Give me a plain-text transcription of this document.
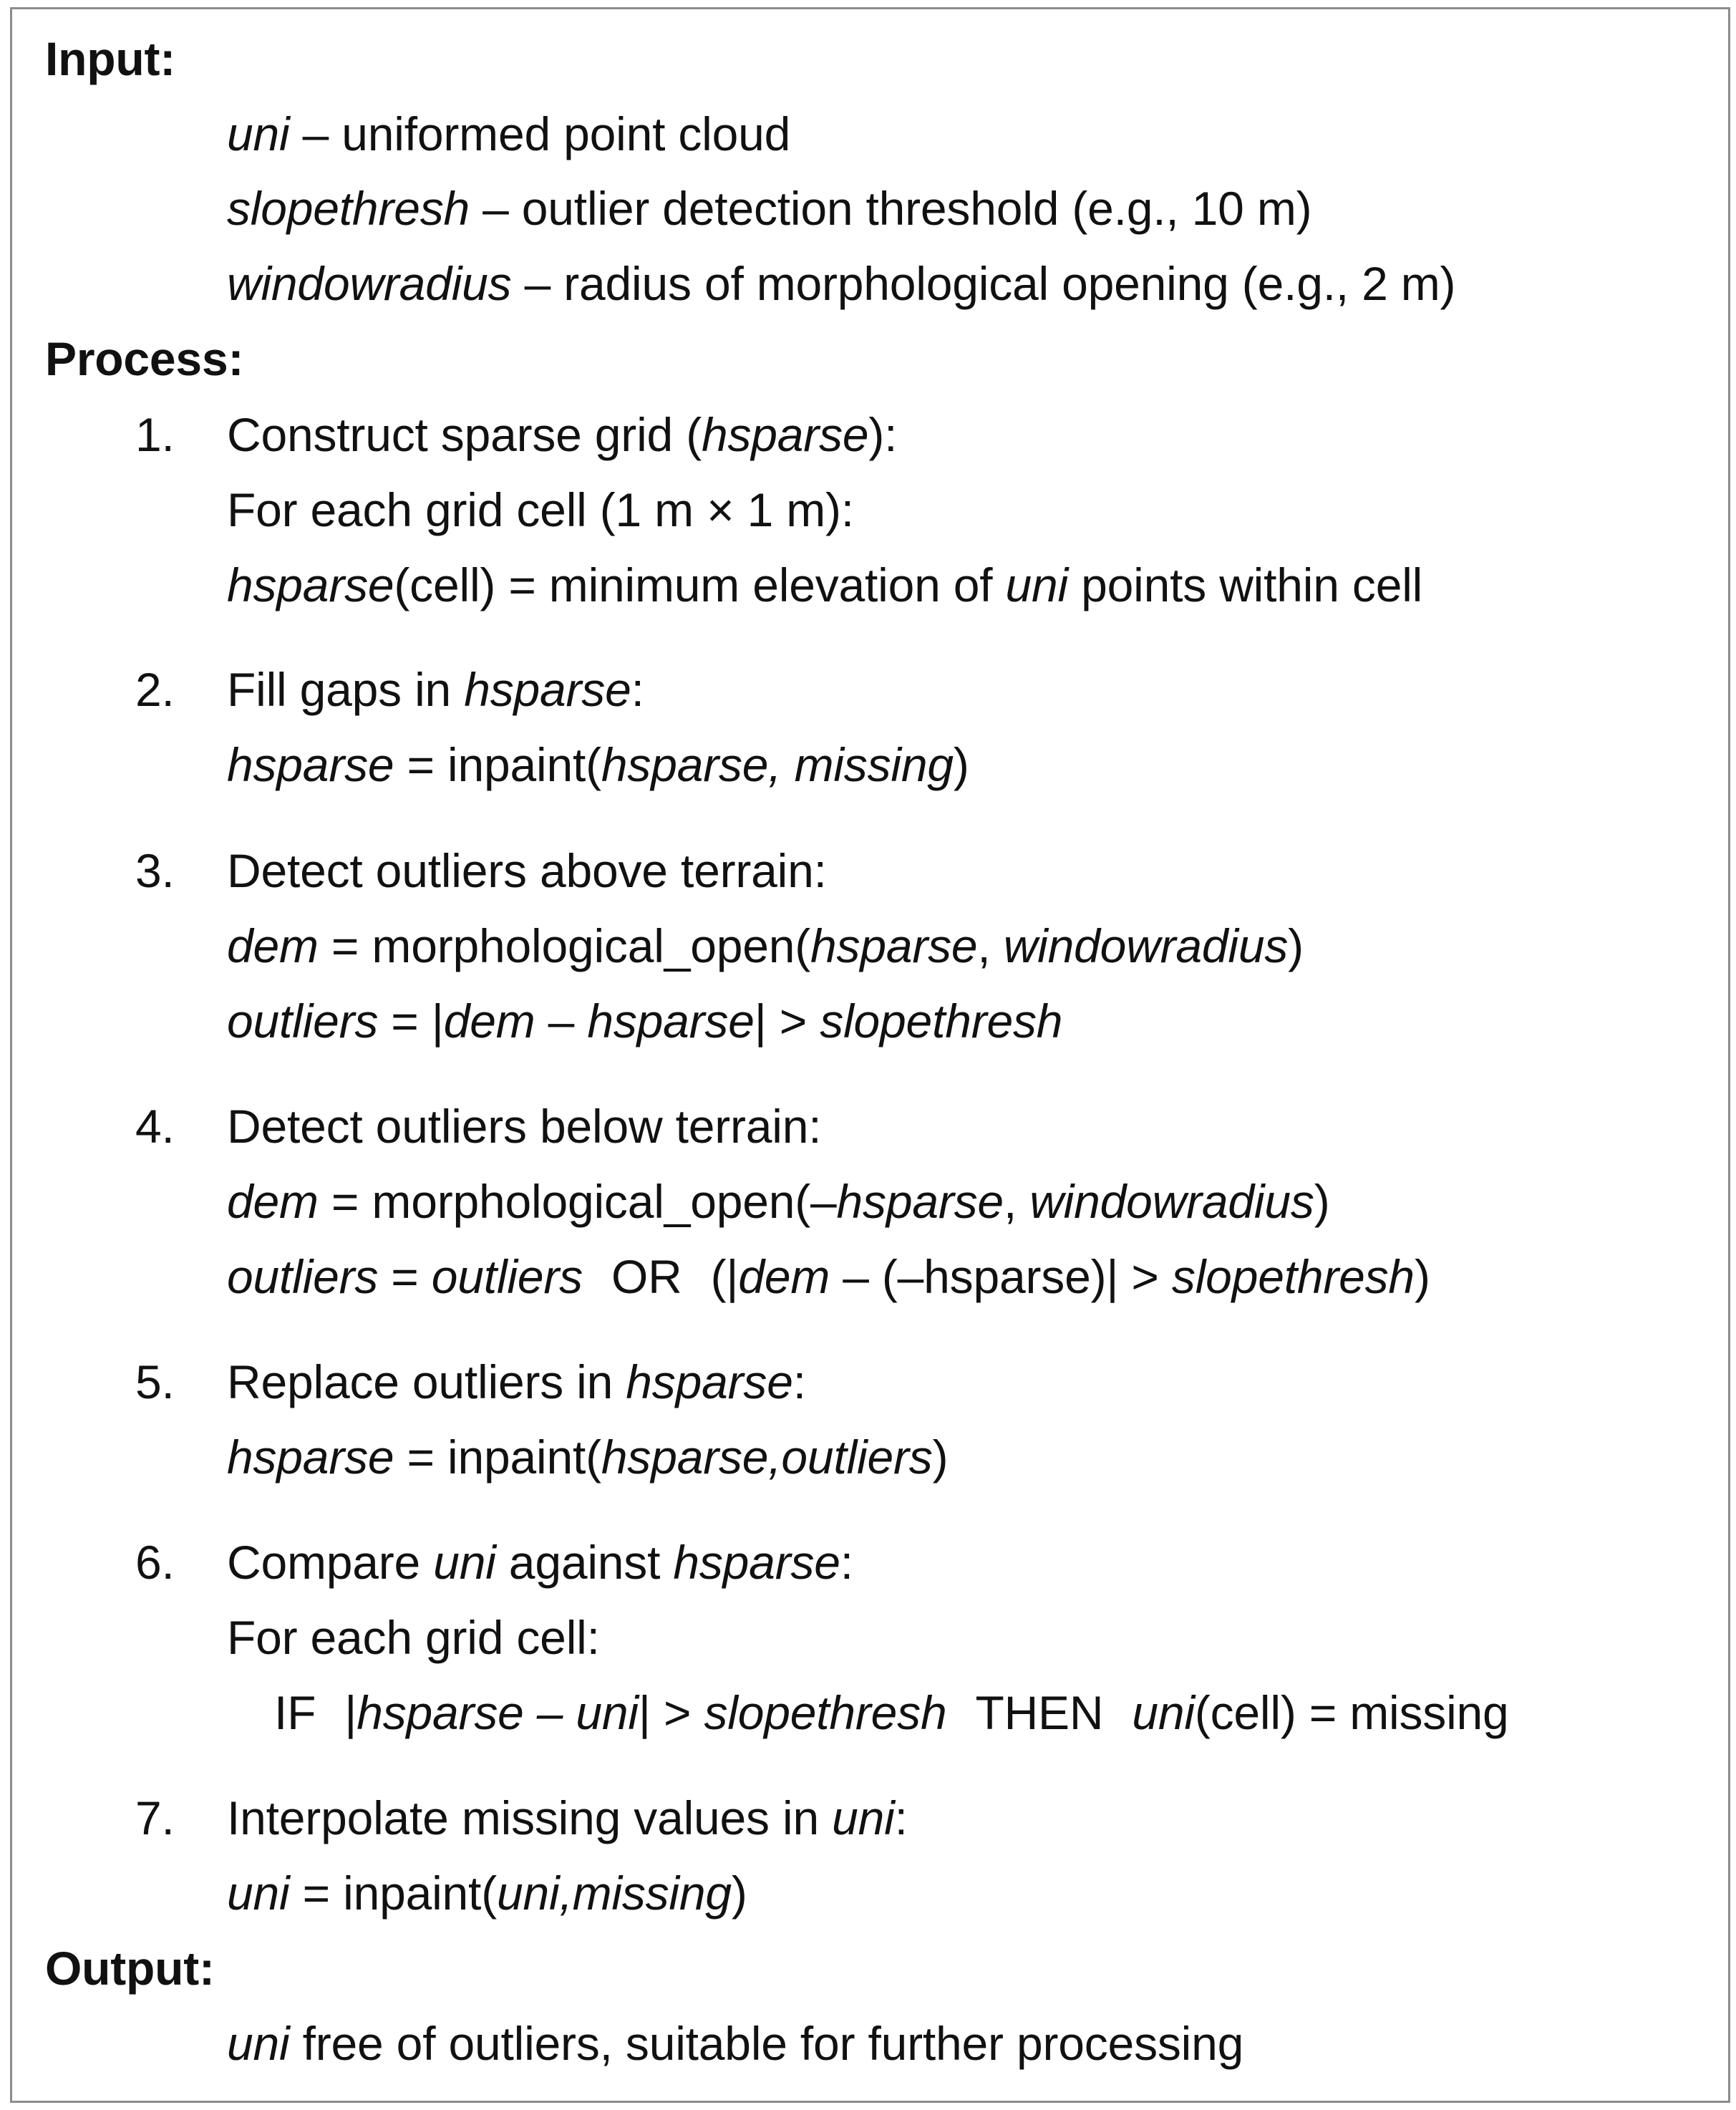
Input:
uni – uniformed point cloud
slopethresh – outlier detection threshold (e.g., 10 m)
windowradius – radius of morphological opening (e.g., 2 m)
Process:
1. Construct sparse grid (hsparse):
For each grid cell (1 m × 1 m):
hsparse(cell) = minimum elevation of uni points within cell
2. Fill gaps in hsparse:
hsparse = inpaint(hsparse, missing)
3. Detect outliers above terrain:
dem = morphological_open(hsparse, windowradius)
outliers = |dem – hsparse| > slopethresh
4. Detect outliers below terrain:
dem = morphological_open(–hsparse, windowradius)
outliers = outliers OR (|dem – (–hsparse)| > slopethresh)
5. Replace outliers in hsparse:
hsparse = inpaint(hsparse,outliers)
6. Compare uni against hsparse:
For each grid cell:
IF |hsparse – uni| > slopethresh THEN uni(cell) = missing
7. Interpolate missing values in uni:
uni = inpaint(uni,missing)
Output:
uni free of outliers, suitable for further processing
